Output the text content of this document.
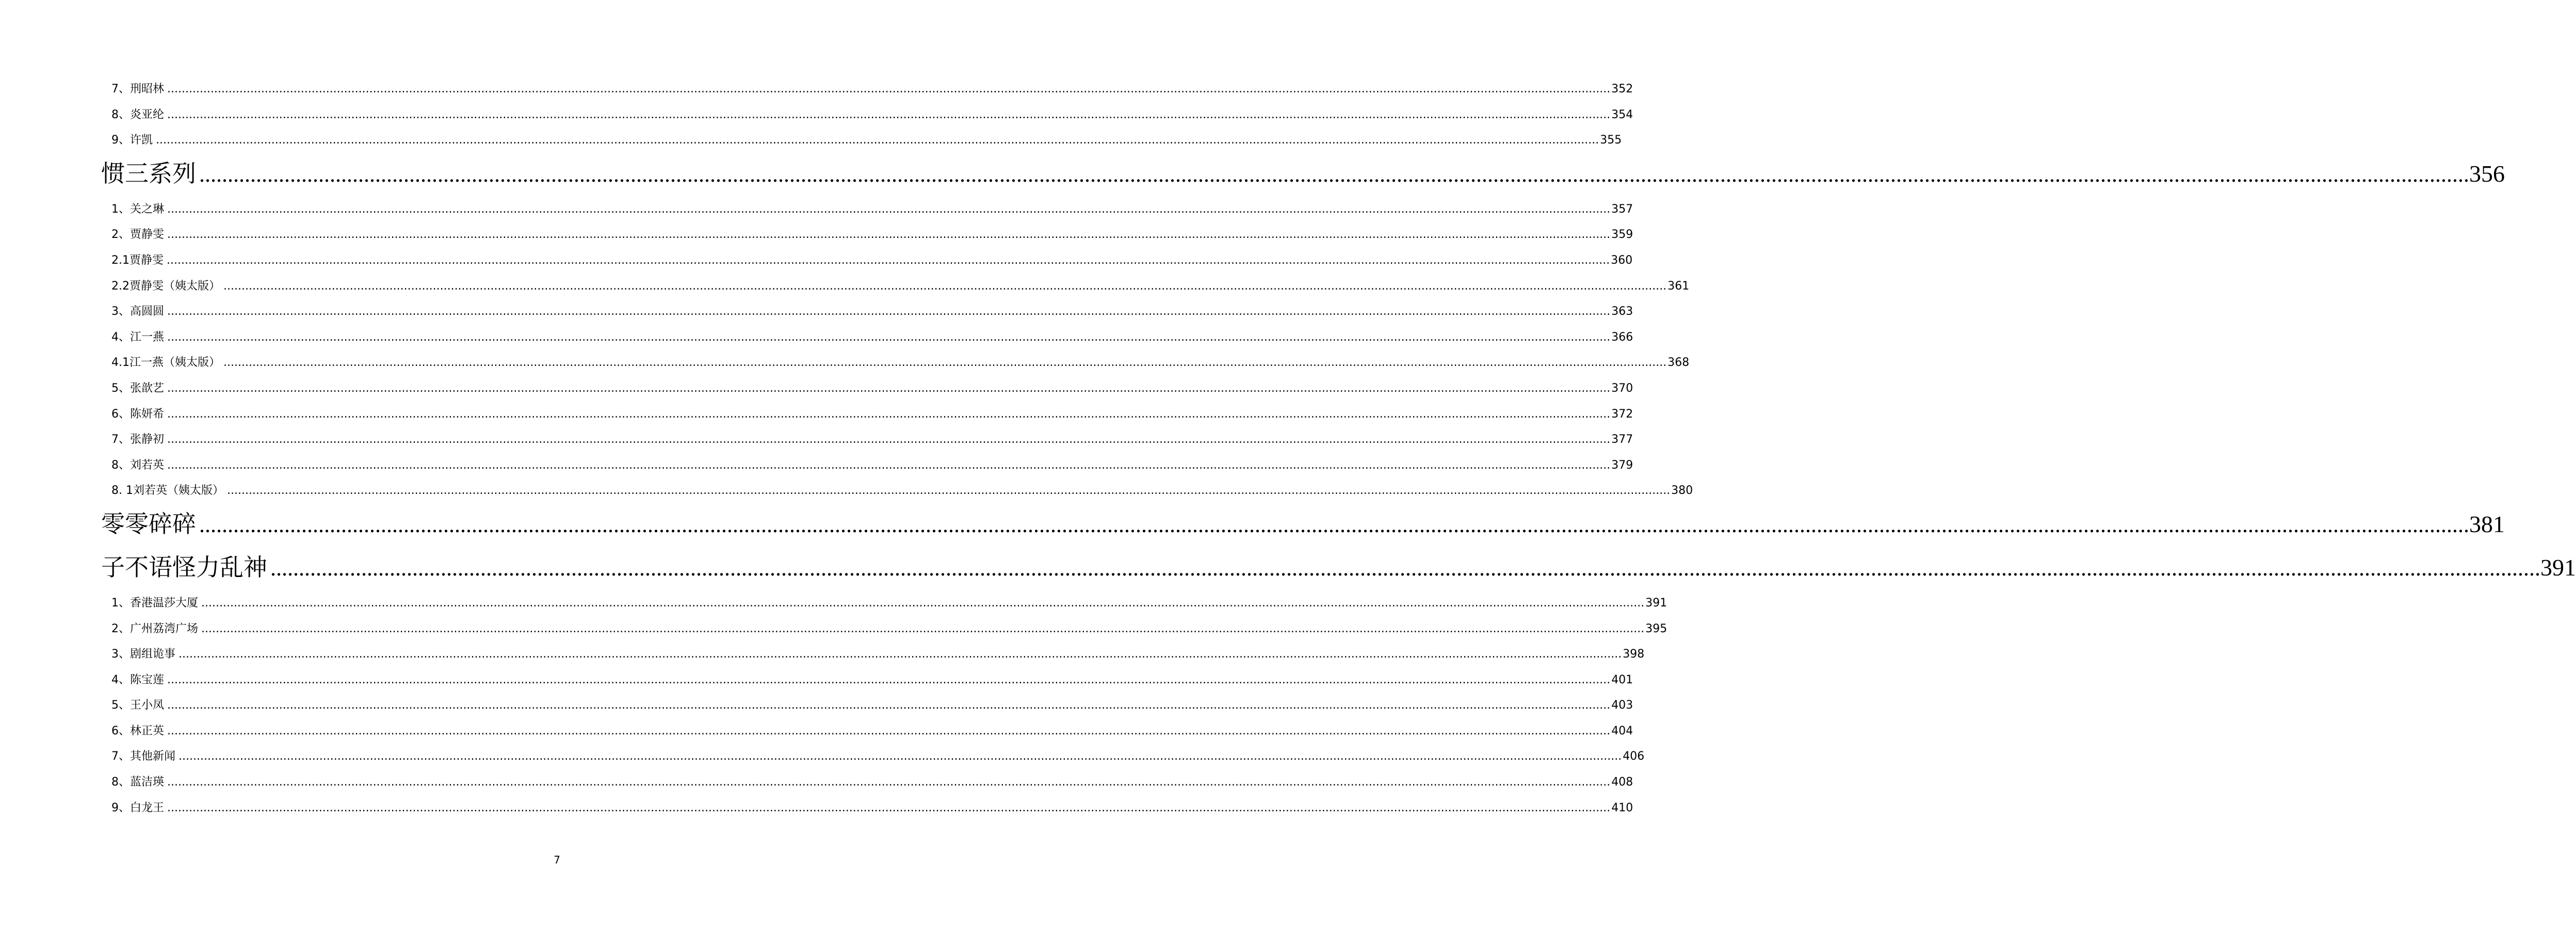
7、刑昭林 ................................................................................................................................................................................................................................................................................................................................................................................................................ 352
8、炎亚纶 ................................................................................................................................................................................................................................................................................................................................................................................................................ 354
9、许凯 ................................................................................................................................................................................................................................................................................................................................................................................................................ 355
惯三系列 ................................................................................................................................................................................................................................................................................................................................................................................................................ 356
1、关之琳 ................................................................................................................................................................................................................................................................................................................................................................................................................ 357
2、贾静雯 ................................................................................................................................................................................................................................................................................................................................................................................................................ 359
2.1贾静雯 ................................................................................................................................................................................................................................................................................................................................................................................................................ 360
2.2贾静雯（姨太版） ................................................................................................................................................................................................................................................................................................................................................................................................................ 361
3、高圆圆 ................................................................................................................................................................................................................................................................................................................................................................................................................ 363
4、江一燕 ................................................................................................................................................................................................................................................................................................................................................................................................................ 366
4.1江一燕（姨太版） ................................................................................................................................................................................................................................................................................................................................................................................................................ 368
5、张歆艺 ................................................................................................................................................................................................................................................................................................................................................................................................................ 370
6、陈妍希 ................................................................................................................................................................................................................................................................................................................................................................................................................ 372
7、张静初 ................................................................................................................................................................................................................................................................................................................................................................................................................ 377
8、刘若英 ................................................................................................................................................................................................................................................................................................................................................................................................................ 379
8. 1刘若英（姨太版） ................................................................................................................................................................................................................................................................................................................................................................................................................ 380
零零碎碎 ................................................................................................................................................................................................................................................................................................................................................................................................................ 381
子不语怪力乱神 ................................................................................................................................................................................................................................................................................................................................................................................................................ 391
1、香港温莎大厦 ................................................................................................................................................................................................................................................................................................................................................................................................................ 391
2、广州荔湾广场 ................................................................................................................................................................................................................................................................................................................................................................................................................ 395
3、剧组诡事 ................................................................................................................................................................................................................................................................................................................................................................................................................ 398
4、陈宝莲 ................................................................................................................................................................................................................................................................................................................................................................................................................ 401
5、王小凤 ................................................................................................................................................................................................................................................................................................................................................................................................................ 403
6、林正英 ................................................................................................................................................................................................................................................................................................................................................................................................................ 404
7、其他新闻 ................................................................................................................................................................................................................................................................................................................................................................................................................ 406
8、蓝洁瑛 ................................................................................................................................................................................................................................................................................................................................................................................................................ 408
9、白龙王 ................................................................................................................................................................................................................................................................................................................................................................................................................ 410
7
